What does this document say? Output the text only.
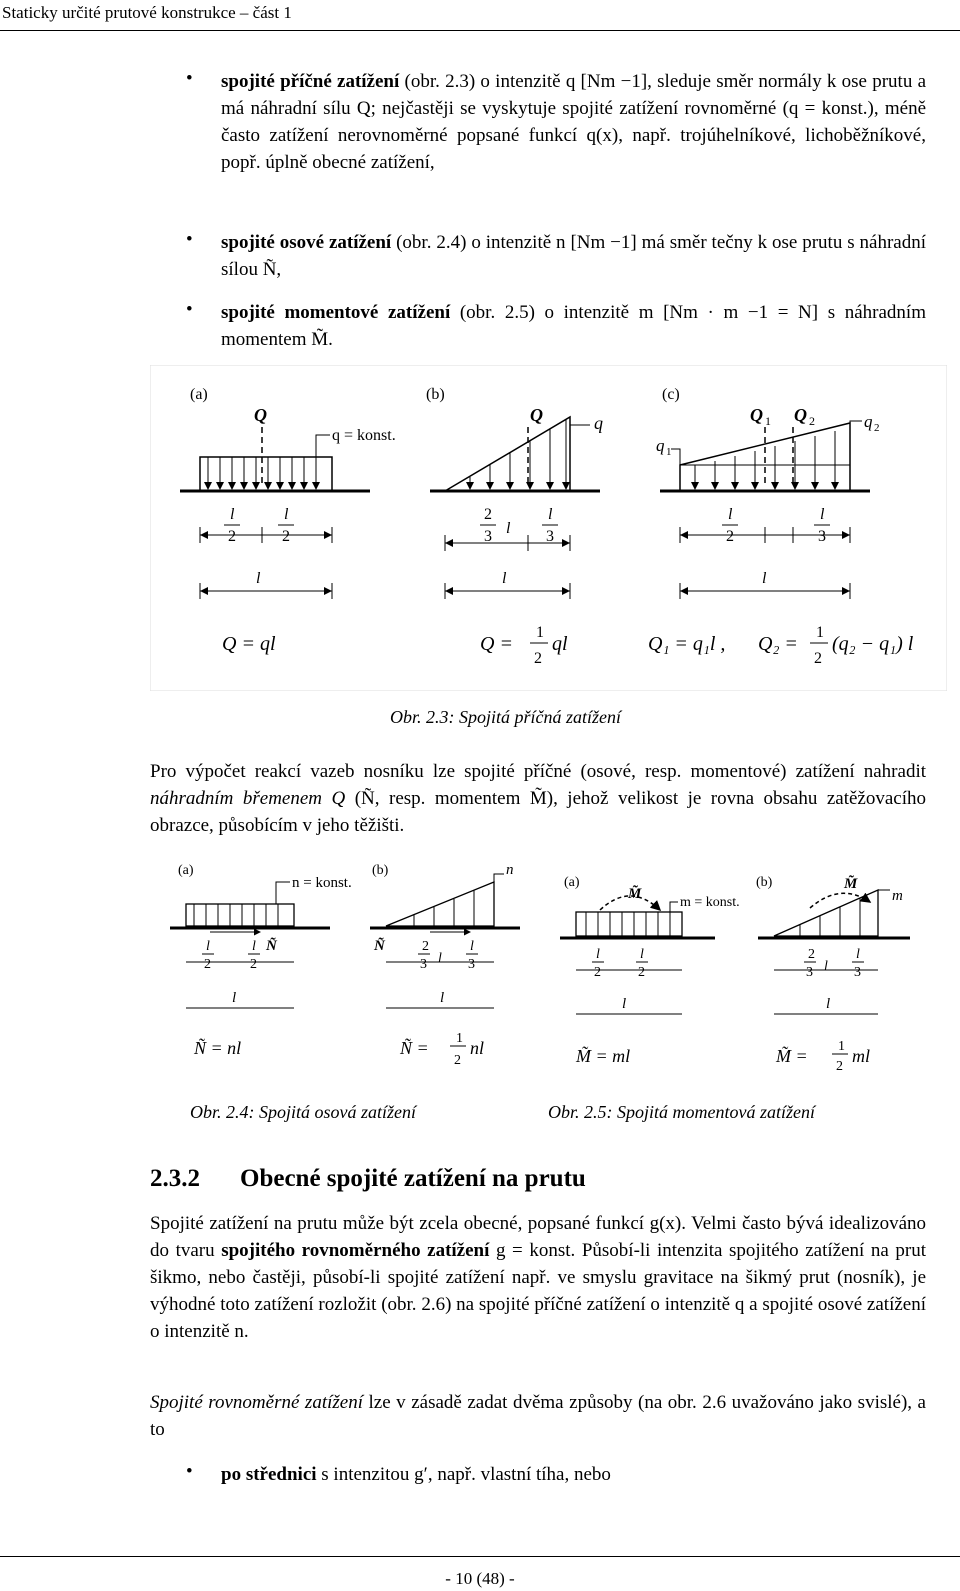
Staticky určité prutové konstrukce – část 1
• spojité příčné zatížení (obr. 2.3) o intenzitě q [Nm −1], sleduje směr normály k ose prutu a má náhradní sílu Q; nejčastěji se vyskytuje spojité zatížení rovnoměrné (q = konst.), méně často zatížení nerovnoměrné popsané funkcí q(x), např. trojúhelníkové, lichoběžníkové, popř. úplně obecné zatížení,
• spojité osové zatížení (obr. 2.4) o intenzitě n [Nm −1] má směr tečny k ose prutu s náhradní sílou Ñ,
• spojité momentové zatížení (obr. 2.5) o intenzitě m [Nm · m −1 = N] s náhradním momentem M̃.
(a)	(b)	(c)
Q
q = konst.
l
2
l
2
l
Q = ql
Q	q
2
3 l
l
3
l
Q =
1
2
ql
Q 1 Q 2
q 1
q 2
l
2
l
3
l
Q₁ = q₁l , Q₂ =
1
2
(q₂ − q₁) l
Obr. 2.3: Spojitá příčná zatížení
Pro výpočet reakcí vazeb nosníku lze spojité příčné (osové, resp. momentové) zatížení nahradit náhradním břemenem Q (Ñ, resp. momentem M̃), jehož velikost je rovna obsahu zatěžovacího obrazce, působícím v jeho těžišti.
(a)	(b)
n = konst.
l
2
l
2
Ñ
l
Ñ = nl
n
Ñ	2
3 l
l
3
l
Ñ = 1
2
nl
(a)	(b)
M̃
m = konst.
l
2
l
2
l
M̃ = ml
M̃
m
2
3 l
l
3
l
M̃ = 1
2
ml
Obr. 2.4: Spojitá osová zatížení	Obr. 2.5: Spojitá momentová zatížení
2.3.2 Obecné spojité zatížení na prutu
Spojité zatížení na prutu může být zcela obecné, popsané funkcí g(x). Velmi často bývá idealizováno do tvaru spojitého rovnoměrného zatížení g = konst. Působí-li intenzita spojitého zatížení na prut šikmo, nebo častěji, působí-li spojité zatížení např. ve smyslu gravitace na šikmý prut (nosník), je výhodné toto zatížení rozložit (obr. 2.6) na spojité příčné zatížení o intenzitě q a spojité osové zatížení o intenzitě n.
Spojité rovnoměrné zatížení lze v zásadě zadat dvěma způsoby (na obr. 2.6 uvažováno jako svislé), a to
• po střednici s intenzitou g′, např. vlastní tíha, nebo
- 10 (48) -
